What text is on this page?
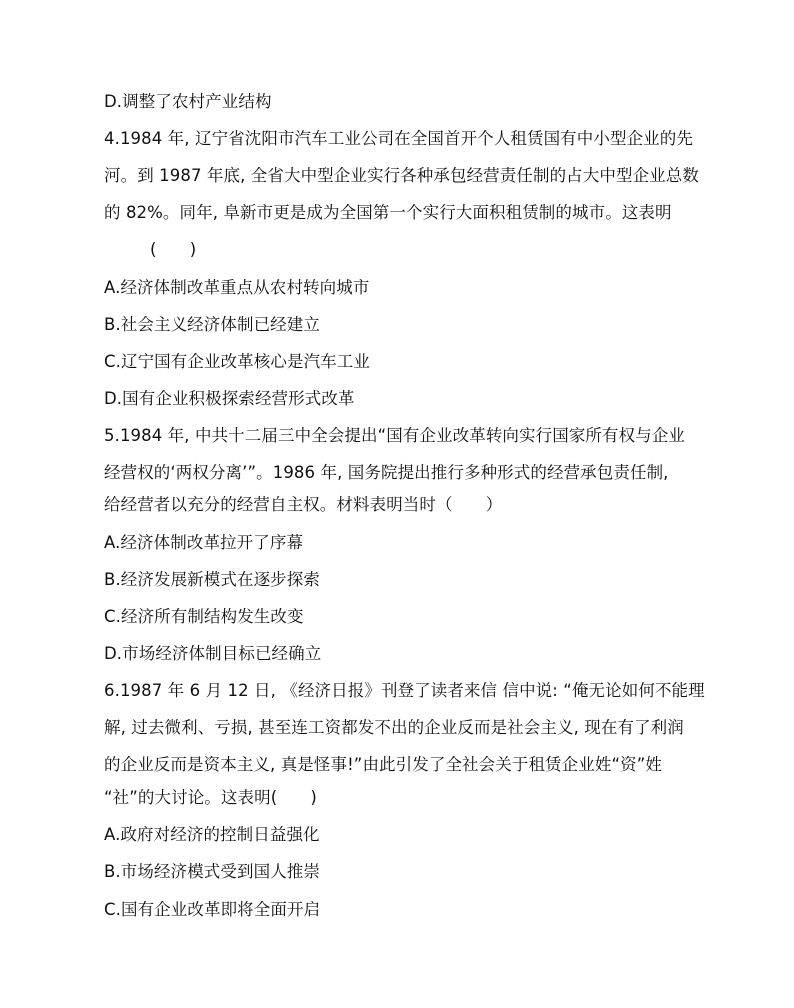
D.调整了农村产业结构
4.1984 年, 辽宁省沈阳市汽车工业公司在全国首开个人租赁国有中小型企业的先
河。到 1987 年底, 全省大中型企业实行各种承包经营责任制的占大中型企业总数
的 82%。同年, 阜新市更是成为全国第一个实行大面积租赁制的城市。这表明
(　　)
A.经济体制改革重点从农村转向城市
B.社会主义经济体制已经建立
C.辽宁国有企业改革核心是汽车工业
D.国有企业积极探索经营形式改革
5.1984 年, 中共十二届三中全会提出“国有企业改革转向实行国家所有权与企业
经营权的‘两权分离’”。1986 年, 国务院提出推行多种形式的经营承包责任制,
给经营者以充分的经营自主权。材料表明当时（　　）
A.经济体制改革拉开了序幕
B.经济发展新模式在逐步探索
C.经济所有制结构发生改变
D.市场经济体制目标已经确立
6.1987 年 6 月 12 日, 《经济日报》刊登了读者来信 信中说: “俺无论如何不能理
解, 过去微利、亏损, 甚至连工资都发不出的企业反而是社会主义, 现在有了利润
的企业反而是资本主义, 真是怪事!”由此引发了全社会关于租赁企业姓“资”姓
“社”的大讨论。这表明(　　)
A.政府对经济的控制日益强化
B.市场经济模式受到国人推崇
C.国有企业改革即将全面开启
